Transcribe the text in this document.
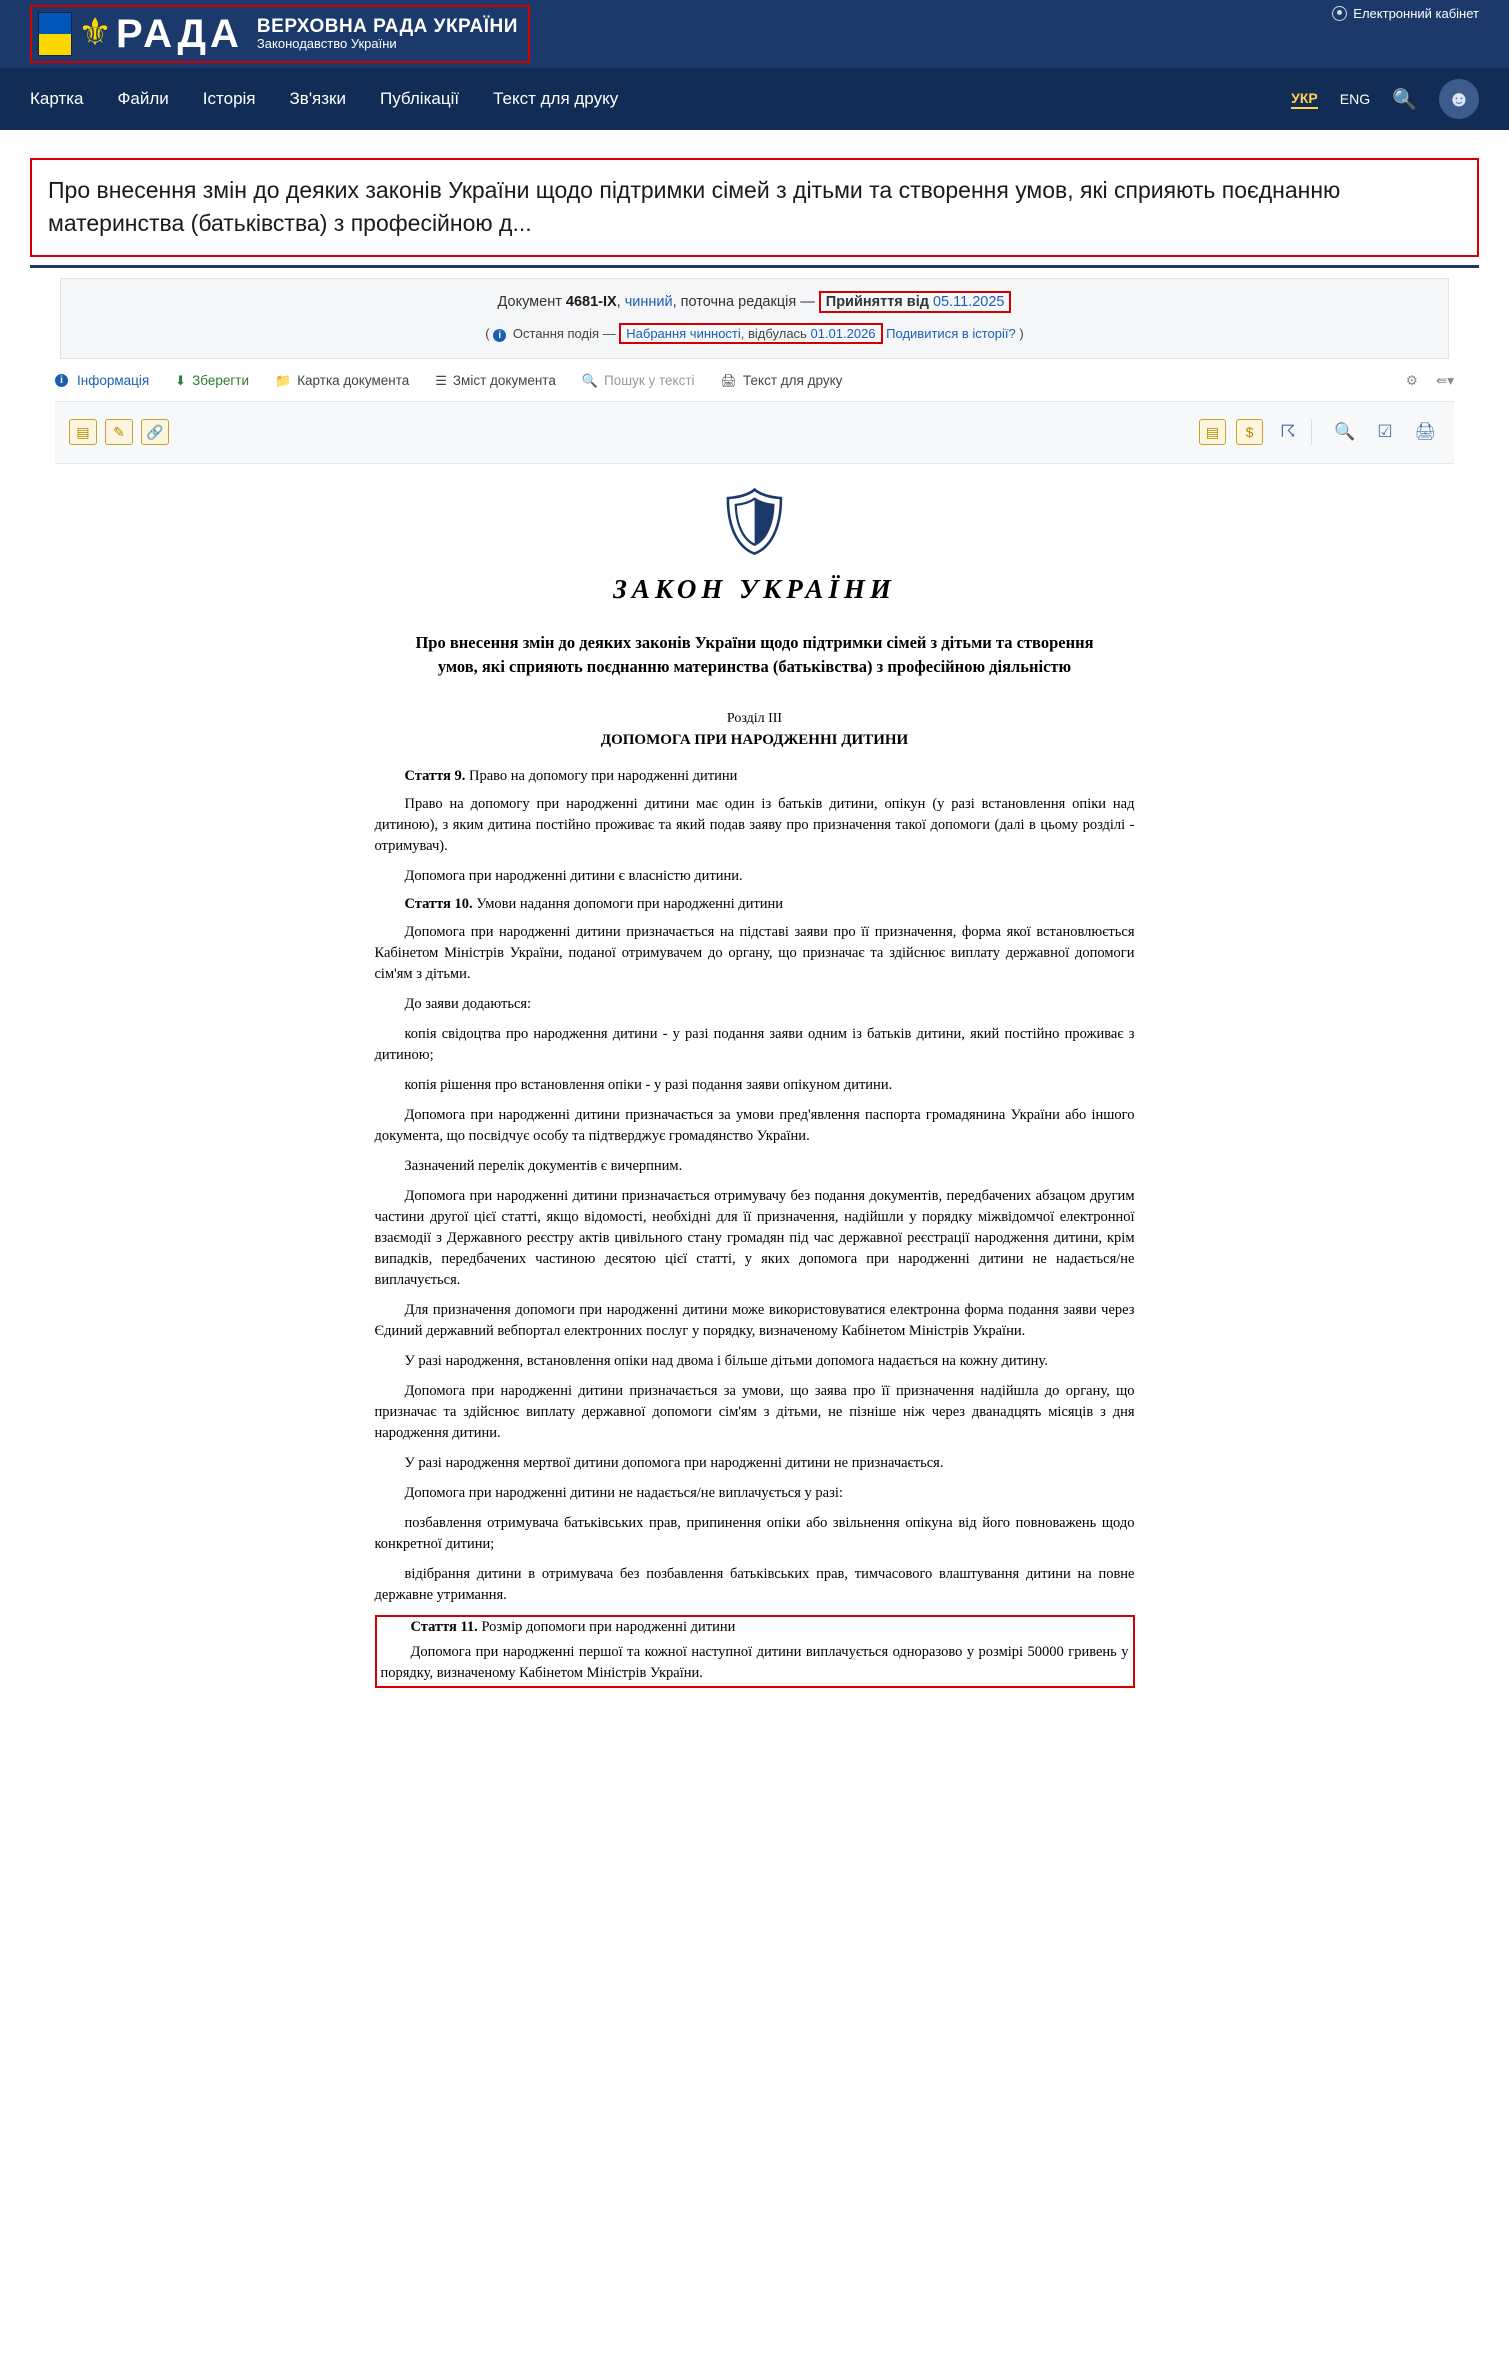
⚜ РАДА ВЕРХОВНА РАДА УКРАЇНИ
Законодавство України
Електронний кабінет
Картка Файли Історія Зв'язки Публікації Текст для друку	УКР ENG 🔍	☻
Про внесення змін до деяких законів України щодо підтримки сімей з дітьми та створення умов, які сприяють поєднанню материнства (батьківства) з професійною д...
Документ 4681-IX, чинний, поточна редакція — Прийняття від 05.11.2025
( i Остання подія — Набрання чинності, відбулась 01.01.2026 Подивитися в історії? )
i	Інформація ⬇ Зберегти 📁 Картка документа ☰ Зміст документа 🔍 Пошук у тексті 🖨 Текст для друку	⚙ ⇚▾
▤	✎	🔗	▤	$	☈	🔍	☑	🖨
🛡
ЗАКОН УКРАЇНИ
Про внесення змін до деяких законів України щодо підтримки сімей з дітьми та створення умов, які сприяють поєднанню материнства (батьківства) з професійною діяльністю
Розділ III
ДОПОМОГА ПРИ НАРОДЖЕННІ ДИТИНИ

Стаття 9. Право на допомогу при народженні дитини

Право на допомогу при народженні дитини має один із батьків дитини, опікун (у разі встановлення опіки над дитиною), з яким дитина постійно проживає та який подав заяву про призначення такої допомоги (далі в цьому розділі - отримувач).

Допомога при народженні дитини є власністю дитини.

Стаття 10. Умови надання допомоги при народженні дитини

Допомога при народженні дитини призначається на підставі заяви про її призначення, форма якої встановлюється Кабінетом Міністрів України, поданої отримувачем до органу, що призначає та здійснює виплату державної допомоги сім'ям з дітьми.

До заяви додаються:

копія свідоцтва про народження дитини - у разі подання заяви одним із батьків дитини, який постійно проживає з дитиною;

копія рішення про встановлення опіки - у разі подання заяви опікуном дитини.

Допомога при народженні дитини призначається за умови пред'явлення паспорта громадянина України або іншого документа, що посвідчує особу та підтверджує громадянство України.

Зазначений перелік документів є вичерпним.

Допомога при народженні дитини призначається отримувачу без подання документів, передбачених абзацом другим частини другої цієї статті, якщо відомості, необхідні для її призначення, надійшли у порядку міжвідомчої електронної взаємодії з Державного реєстру актів цивільного стану громадян під час державної реєстрації народження дитини, крім випадків, передбачених частиною десятою цієї статті, у яких допомога при народженні дитини не надається/не виплачується.

Для призначення допомоги при народженні дитини може використовуватися електронна форма подання заяви через Єдиний державний вебпортал електронних послуг у порядку, визначеному Кабінетом Міністрів України.

У разі народження, встановлення опіки над двома і більше дітьми допомога надається на кожну дитину.

Допомога при народженні дитини призначається за умови, що заява про її призначення надійшла до органу, що призначає та здійснює виплату державної допомоги сім'ям з дітьми, не пізніше ніж через дванадцять місяців з дня народження дитини.

У разі народження мертвої дитини допомога при народженні дитини не призначається.

Допомога при народженні дитини не надається/не виплачується у разі:

позбавлення отримувача батьківських прав, припинення опіки або звільнення опікуна від його повноважень щодо конкретної дитини;

відібрання дитини в отримувача без позбавлення батьківських прав, тимчасового влаштування дитини на повне державне утримання.

Стаття 11. Розмір допомоги при народженні дитини

Допомога при народженні першої та кожної наступної дитини виплачується одноразово у розмірі 50000 гривень у порядку, визначеному Кабінетом Міністрів України.
